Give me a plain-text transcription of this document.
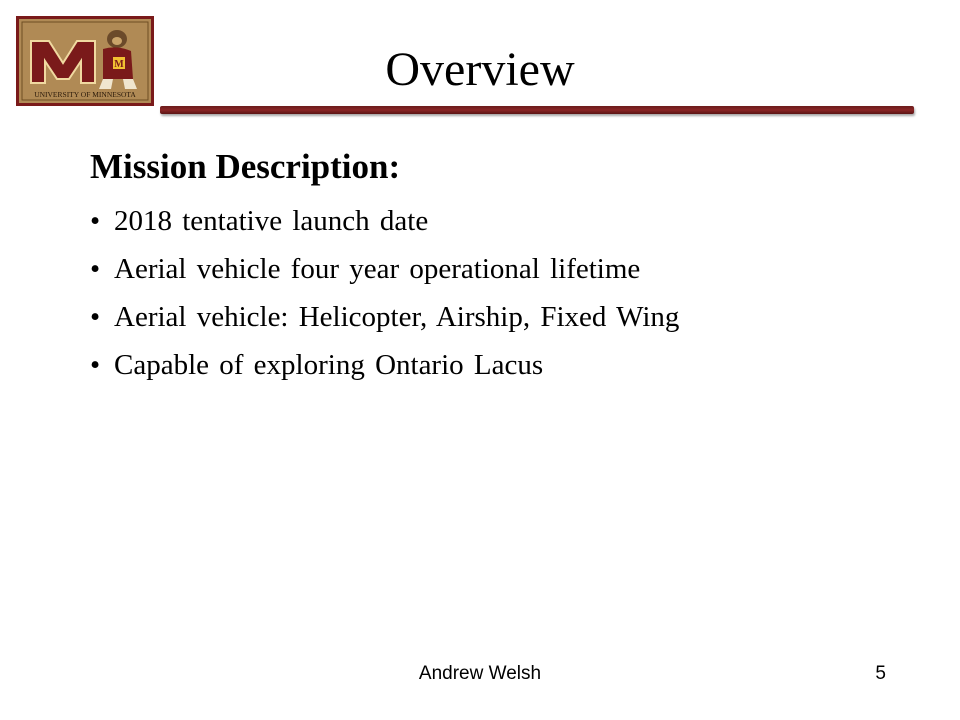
M
UNIVERSITY OF MINNESOTA	Overview
Mission Description:
• 2018 tentative launch date
• Aerial vehicle four year operational lifetime
• Aerial vehicle: Helicopter, Airship, Fixed Wing
• Capable of exploring Ontario Lacus
Andrew Welsh	5
